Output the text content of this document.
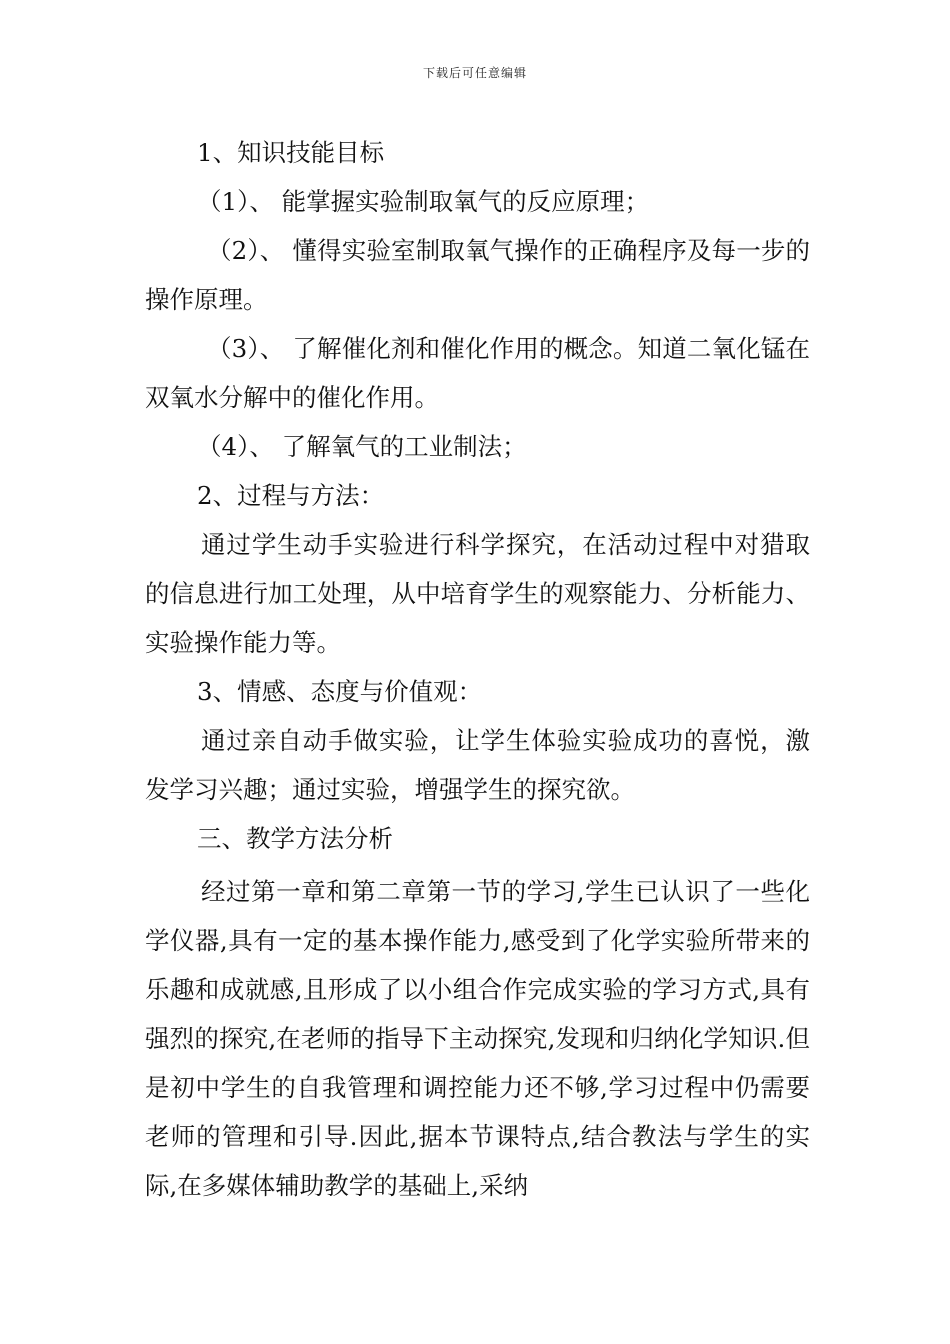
下载后可任意编辑

1、知识技能目标

（1）、 能掌握实验制取氧气的反应原理；

（2）、 懂得实验室制取氧气操作的正确程序及每一步的操作原理。

（3）、 了解催化剂和催化作用的概念。知道二氧化锰在双氧水分解中的催化作用。

（4）、 了解氧气的工业制法；

2、过程与方法：

通过学生动手实验进行科学探究，在活动过程中对猎取的信息进行加工处理，从中培育学生的观察能力、分析能力、实验操作能力等。

3、情感、态度与价值观：

通过亲自动手做实验，让学生体验实验成功的喜悦，激发学习兴趣；通过实验，增强学生的探究欲。

三、教学方法分析

经过第一章和第二章第一节的学习,学生已认识了一些化学仪器,具有一定的基本操作能力,感受到了化学实验所带来的乐趣和成就感,且形成了以小组合作完成实验的学习方式,具有强烈的探究,在老师的指导下主动探究,发现和归纳化学知识.但是初中学生的自我管理和调控能力还不够,学习过程中仍需要老师的管理和引导.因此,据本节课特点,结合教法与学生的实际,在多媒体辅助教学的基础上,采纳
